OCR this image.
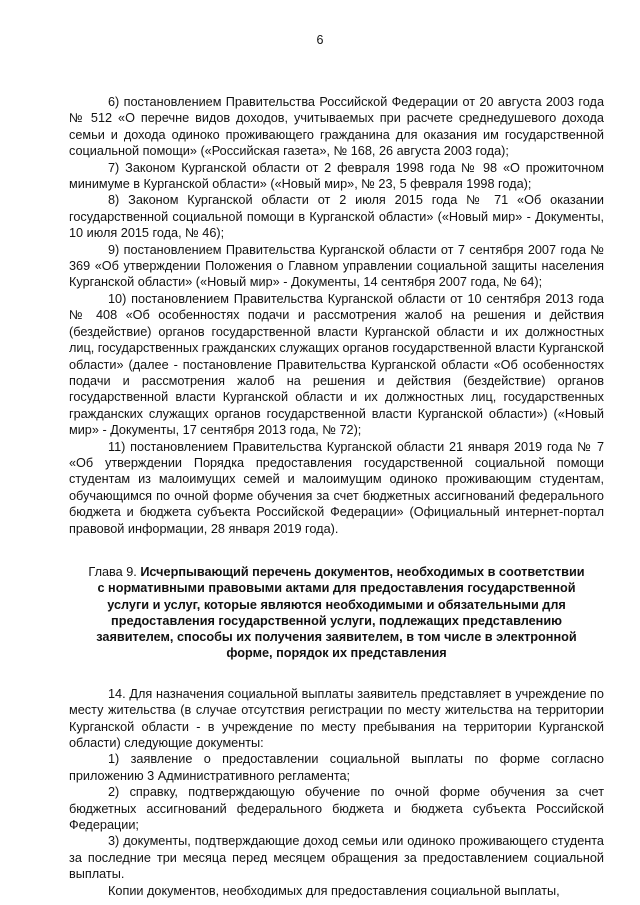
6

6) постановлением Правительства Российской Федерации от 20 августа 2003 года № 512 «О перечне видов доходов, учитываемых при расчете среднедушевого дохода семьи и дохода одиноко проживающего гражданина для оказания им государственной социальной помощи» («Российская газета», № 168, 26 августа 2003 года);

7) Законом Курганской области от 2 февраля 1998 года № 98 «О прожиточном минимуме в Курганской области» («Новый мир», № 23, 5 февраля 1998 года);

8) Законом Курганской области от 2 июля 2015 года № 71 «Об оказании государственной социальной помощи в Курганской области» («Новый мир» - Документы, 10 июля 2015 года, № 46);

9) постановлением Правительства Курганской области от 7 сентября 2007 года № 369 «Об утверждении Положения о Главном управлении социальной защиты населения Курганской области» («Новый мир» - Документы, 14 сентября 2007 года, № 64);

10) постановлением Правительства Курганской области от 10 сентября 2013 года № 408 «Об особенностях подачи и рассмотрения жалоб на решения и действия (бездействие) органов государственной власти Курганской области и их должностных лиц, государственных гражданских служащих органов государственной власти Курганской области» (далее - постановление Правительства Курганской области «Об особенностях подачи и рассмотрения жалоб на решения и действия (бездействие) органов государственной власти Курганской области и их должностных лиц, государственных гражданских служащих органов государственной власти Курганской области») («Новый мир» - Документы, 17 сентября 2013 года, № 72);

11) постановлением Правительства Курганской области 21 января 2019 года № 7 «Об утверждении Порядка предоставления государственной социальной помощи студентам из малоимущих семей и малоимущим одиноко проживающим студентам, обучающимся по очной форме обучения за счет бюджетных ассигнований федерального бюджета и бюджета субъекта Российской Федерации» (Официальный интернет-портал правовой информации, 28 января 2019 года).

Глава 9. Исчерпывающий перечень документов, необходимых в соответствии с нормативными правовыми актами для предоставления государственной услуги и услуг, которые являются необходимыми и обязательными для предоставления государственной услуги, подлежащих представлению заявителем, способы их получения заявителем, в том числе в электронной форме, порядок их представления

14. Для назначения социальной выплаты заявитель представляет в учреждение по месту жительства (в случае отсутствия регистрации по месту жительства на территории Курганской области - в учреждение по месту пребывания на территории Курганской области) следующие документы:

1) заявление о предоставлении социальной выплаты по форме согласно приложению 3 Административного регламента;

2) справку, подтверждающую обучение по очной форме обучения за счет бюджетных ассигнований федерального бюджета и бюджета субъекта Российской Федерации;

3) документы, подтверждающие доход семьи или одиноко проживающего студента за последние три месяца перед месяцем обращения за предоставлением социальной выплаты.

Копии документов, необходимых для предоставления социальной выплаты,
